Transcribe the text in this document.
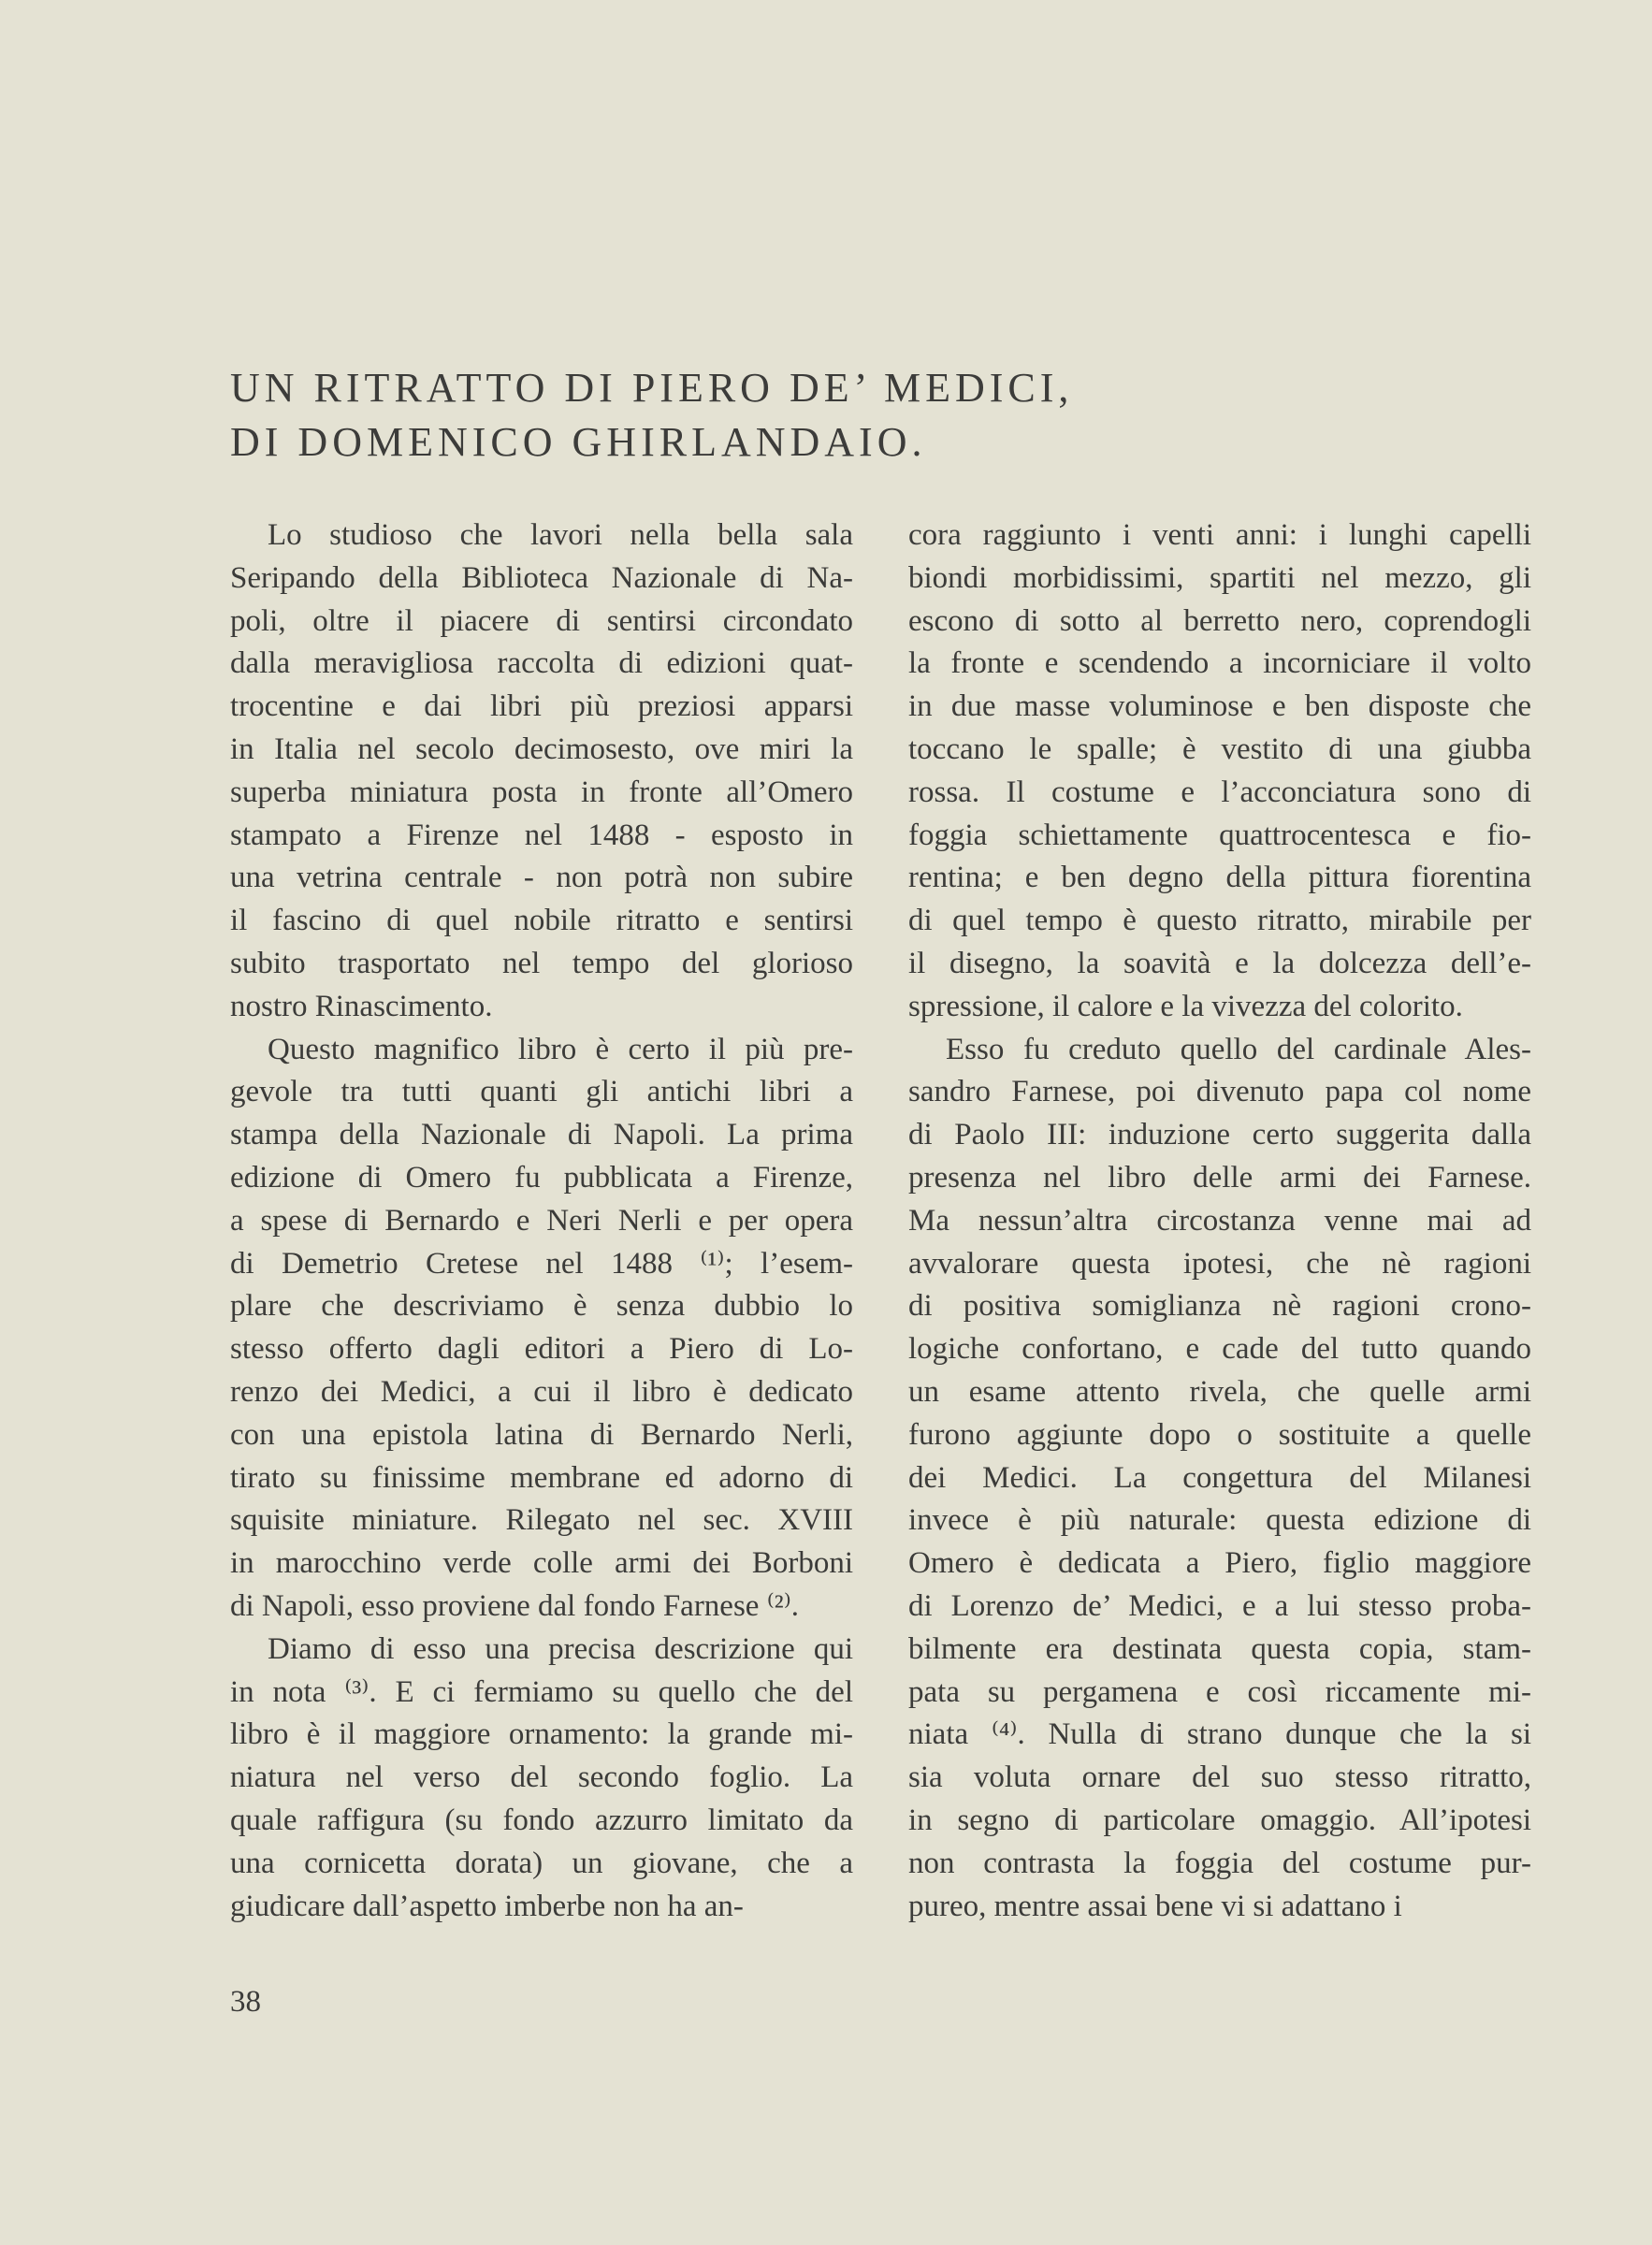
UN RITRATTO DI PIERO DE’ MEDICI,
DI DOMENICO GHIRLANDAIO.
Lo studioso che lavori nella bella sala
Seripando della Biblioteca Nazionale di Na-
poli, oltre il piacere di sentirsi circondato
dalla meravigliosa raccolta di edizioni quat-
trocentine e dai libri più preziosi apparsi
in Italia nel secolo decimosesto, ove miri la
superba miniatura posta in fronte all’Omero
stampato a Firenze nel 1488 - esposto in
una vetrina centrale - non potrà non subire
il fascino di quel nobile ritratto e sentirsi
subito trasportato nel tempo del glorioso
nostro Rinascimento.
Questo magnifico libro è certo il più pre-
gevole tra tutti quanti gli antichi libri a
stampa della Nazionale di Napoli. La prima
edizione di Omero fu pubblicata a Firenze,
a spese di Bernardo e Neri Nerli e per opera
di Demetrio Cretese nel 1488 ⁽¹⁾; l’esem-
plare che descriviamo è senza dubbio lo
stesso offerto dagli editori a Piero di Lo-
renzo dei Medici, a cui il libro è dedicato
con una epistola latina di Bernardo Nerli,
tirato su finissime membrane ed adorno di
squisite miniature. Rilegato nel sec. XVIII
in marocchino verde colle armi dei Borboni
di Napoli, esso proviene dal fondo Farnese ⁽²⁾.
Diamo di esso una precisa descrizione qui
in nota ⁽³⁾. E ci fermiamo su quello che del
libro è il maggiore ornamento: la grande mi-
niatura nel verso del secondo foglio. La
quale raffigura (su fondo azzurro limitato da
una cornicetta dorata) un giovane, che a
giudicare dall’aspetto imberbe non ha an-
cora raggiunto i venti anni: i lunghi capelli
biondi morbidissimi, spartiti nel mezzo, gli
escono di sotto al berretto nero, coprendogli
la fronte e scendendo a incorniciare il volto
in due masse voluminose e ben disposte che
toccano le spalle; è vestito di una giubba
rossa. Il costume e l’acconciatura sono di
foggia schiettamente quattrocentesca e fio-
rentina; e ben degno della pittura fiorentina
di quel tempo è questo ritratto, mirabile per
il disegno, la soavità e la dolcezza dell’e-
spressione, il calore e la vivezza del colorito.
Esso fu creduto quello del cardinale Ales-
sandro Farnese, poi divenuto papa col nome
di Paolo III: induzione certo suggerita dalla
presenza nel libro delle armi dei Farnese.
Ma nessun’altra circostanza venne mai ad
avvalorare questa ipotesi, che nè ragioni
di positiva somiglianza nè ragioni crono-
logiche confortano, e cade del tutto quando
un esame attento rivela, che quelle armi
furono aggiunte dopo o sostituite a quelle
dei Medici. La congettura del Milanesi
invece è più naturale: questa edizione di
Omero è dedicata a Piero, figlio maggiore
di Lorenzo de’ Medici, e a lui stesso proba-
bilmente era destinata questa copia, stam-
pata su pergamena e così riccamente mi-
niata ⁽⁴⁾. Nulla di strano dunque che la si
sia voluta ornare del suo stesso ritratto,
in segno di particolare omaggio. All’ipotesi
non contrasta la foggia del costume pur-
pureo, mentre assai bene vi si adattano i
38
